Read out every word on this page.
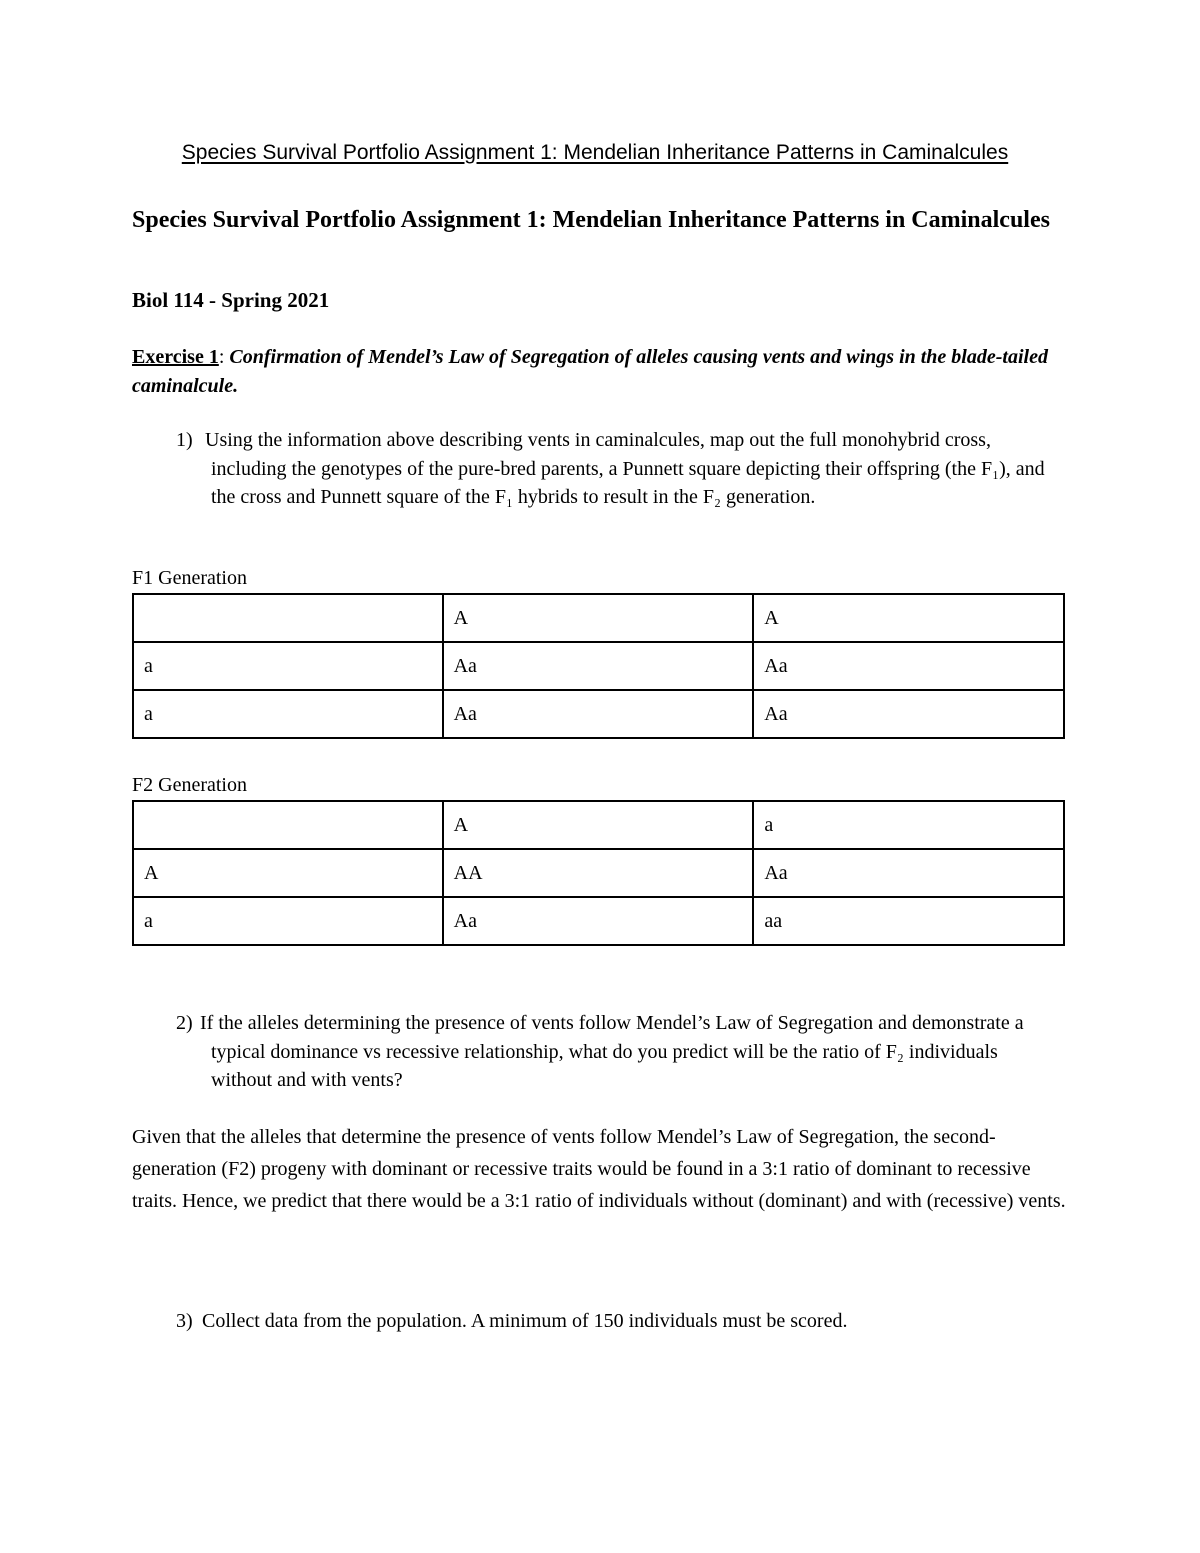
Species Survival Portfolio Assignment 1: Mendelian Inheritance Patterns in Caminalcules
Species Survival Portfolio Assignment 1: Mendelian Inheritance Patterns in Caminalcules
Biol 114 - Spring 2021
Exercise 1: Confirmation of Mendel’s Law of Segregation of alleles causing vents and wings in the blade-tailed caminalcule.
1) Using the information above describing vents in caminalcules, map out the full monohybrid cross, including the genotypes of the pure-bred parents, a Punnett square depicting their offspring (the F₁), and the cross and Punnett square of the F₁ hybrids to result in the F₂ generation.
F1 Generation
	A	A
a	Aa	Aa
a	Aa	Aa
F2 Generation
	A	a
A	AA	Aa
a	Aa	aa
2) If the alleles determining the presence of vents follow Mendel’s Law of Segregation and demonstrate a typical dominance vs recessive relationship, what do you predict will be the ratio of F₂ individuals without and with vents?
Given that the alleles that determine the presence of vents follow Mendel’s Law of Segregation, the second-generation (F2) progeny with dominant or recessive traits would be found in a 3:1 ratio of dominant to recessive traits. Hence, we predict that there would be a 3:1 ratio of individuals without (dominant) and with (recessive) vents.
3) Collect data from the population. A minimum of 150 individuals must be scored.
